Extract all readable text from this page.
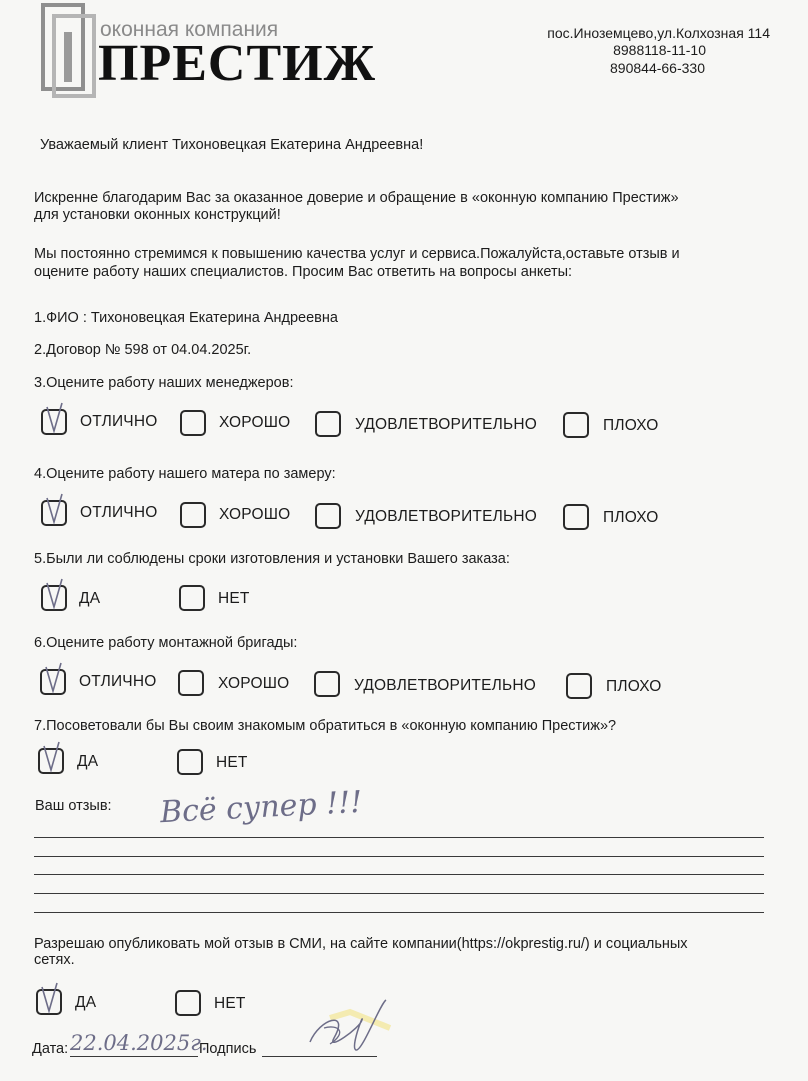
оконная компания
ПРЕСТИЖ
пос.Иноземцево,ул.Колхозная 114
8988118-11-10
890844-66-330
Уважаемый клиент Тихоновецкая Екатерина Андреевна!
Искренне благодарим Вас за оказанное доверие и обращение в «оконную компанию Престиж»
для установки оконных конструкций!
Мы постоянно стремимся к повышению качества услуг и сервиса.Пожалуйста,оставьте отзыв и
оцените работу наших специалистов. Просим Вас ответить на вопросы анкеты:
1.ФИО : Тихоновецкая Екатерина Андреевна
2.Договор № 598 от 04.04.2025г.
3.Оцените работу наших менеджеров:
ОТЛИЧНО	ХОРОШО	УДОВЛЕТВОРИТЕЛЬНО	ПЛОХО
4.Оцените работу нашего матера по замеру:
ОТЛИЧНО	ХОРОШО	УДОВЛЕТВОРИТЕЛЬНО	ПЛОХО
5.Были ли соблюдены сроки изготовления и установки Вашего заказа:
ДА	НЕТ
6.Оцените работу монтажной бригады:
ОТЛИЧНО	ХОРОШО	УДОВЛЕТВОРИТЕЛЬНО	ПЛОХО
7.Посоветовали бы Вы своим знакомым обратиться в «оконную компанию Престиж»?
ДА	НЕТ
Ваш отзыв: Всё супер !!!
Разрешаю опубликовать мой отзыв в СМИ, на сайте компании(https://okprestig.ru/) и социальных
сетях.
ДА	НЕТ
Дата: 22.04.2025г.
Подпись
